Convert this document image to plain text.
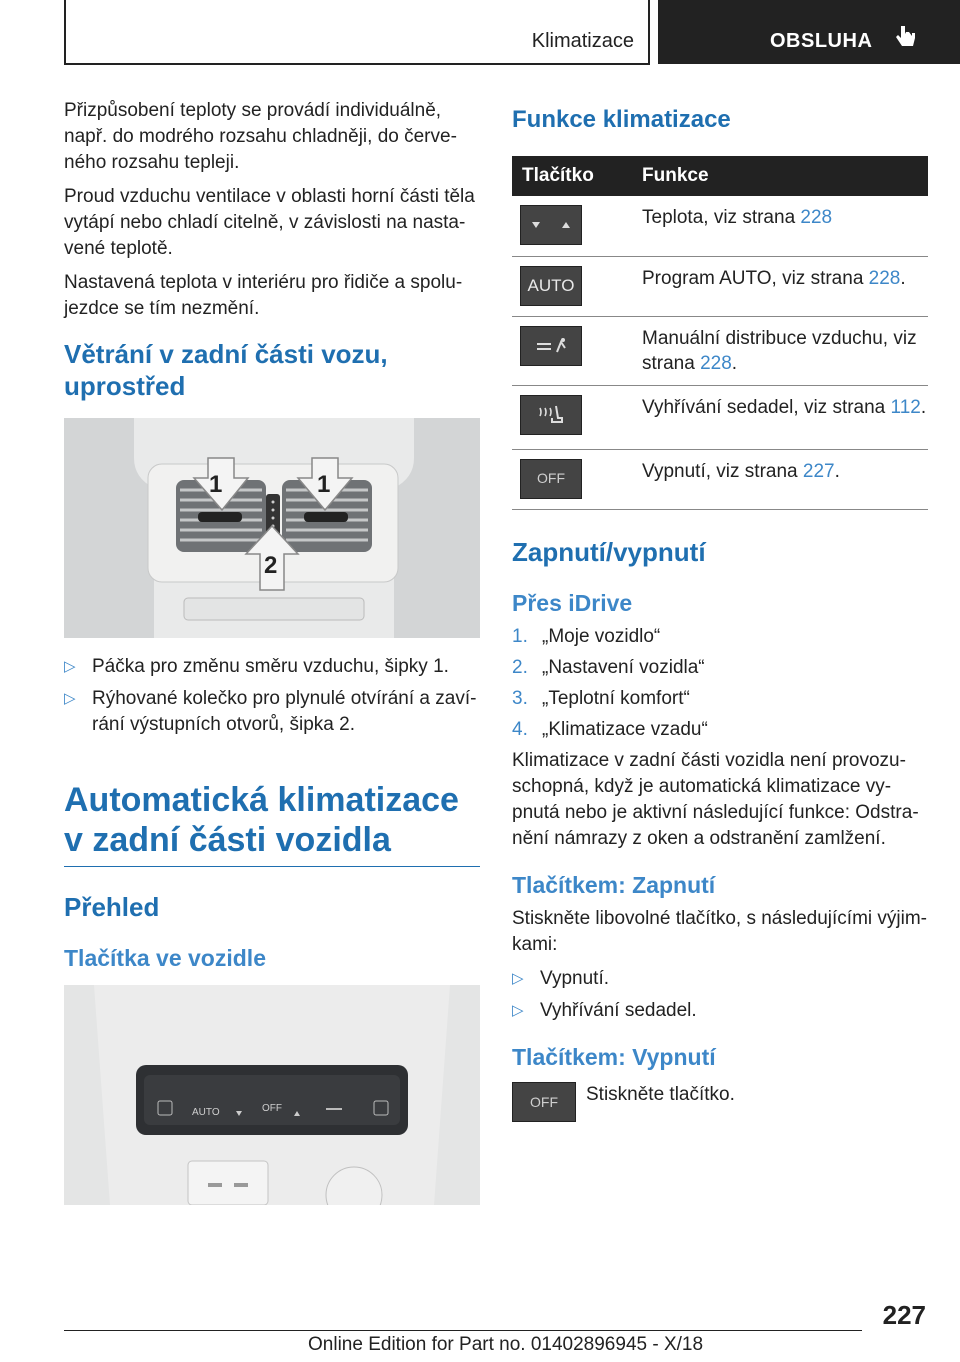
Klimatizace	OBSLUHA

Přizpůsobení teploty se provádí individuálně, např. do modrého rozsahu chladněji, do červeného rozsahu tepleji.

Proud vzduchu ventilace v oblasti horní části těla vytápí nebo chladí citelně, v závislosti na nastavené teplotě.

Nastavená teplota v interiéru pro řidiče a spolujezdce se tím nezmění.

Větrání v zadní části vozu, uprostřed
1	1
2
▷ Páčka pro změnu směru vzduchu, šipky 1.
▷ Rýhované kolečko pro plynulé otvírání a zavírání výstupních otvorů, šipka 2.
Automatická klimatizace v zadní části vozidla
Přehled
Tlačítka ve vozidle
AUTO	OFF
Funkce klimatizace
Tlačítko	Funkce

	Teplota, viz strana 228

AUTO	Program AUTO, viz strana 228.

	Manuální distribuce vzduchu, viz strana 228.

	Vyhřívání sedadel, viz strana 112.

OFF	Vypnutí, viz strana 227.
Zapnutí/vypnutí
Přes iDrive
1. „Moje vozidlo“
2. „Nastavení vozidla“
3. „Teplotní komfort“
4. „Klimatizace vzadu“

Klimatizace v zadní části vozidla není provozuschopná, když je automatická klimatizace vypnutá nebo je aktivní následující funkce: Odstranění námrazy z oken a odstranění zamlžení.

Tlačítkem: Zapnutí

Stiskněte libovolné tlačítko, s následujícími výjimkami:

▷ Vypnutí.
▷ Vyhřívání sedadel.
Tlačítkem: Vypnutí
OFF Stiskněte tlačítko.

227
Online Edition for Part no. 01402896945 - X/18
